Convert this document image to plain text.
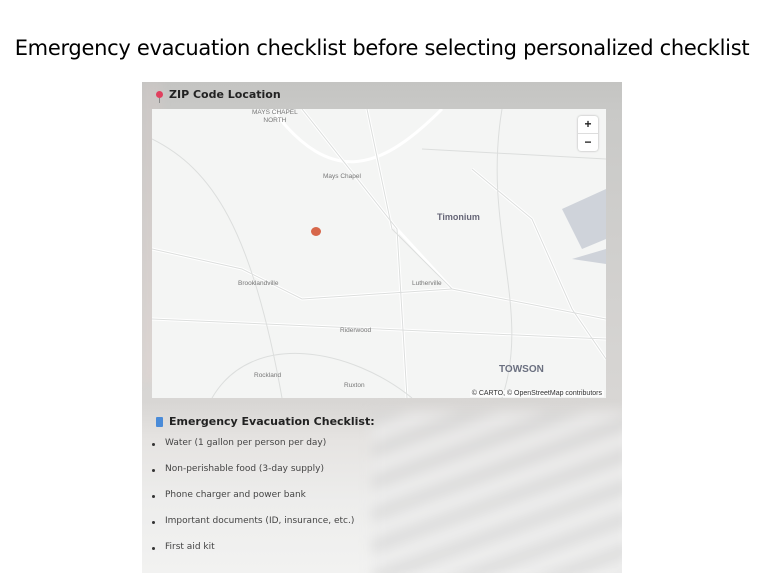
Emergency evacuation checklist before selecting personalized checklist
ZIP Code Location
MAYS CHAPEL
NORTH
Mays Chapel
Timonium
Brooklandville	Lutherville
Riderwood
TOWSON
Rockland
Ruxton
+
−
© CARTO, © OpenStreetMap contributors
Emergency Evacuation Checklist:
Water (1 gallon per person per day)
Non-perishable food (3-day supply)
Phone charger and power bank
Important documents (ID, insurance, etc.)
First aid kit
